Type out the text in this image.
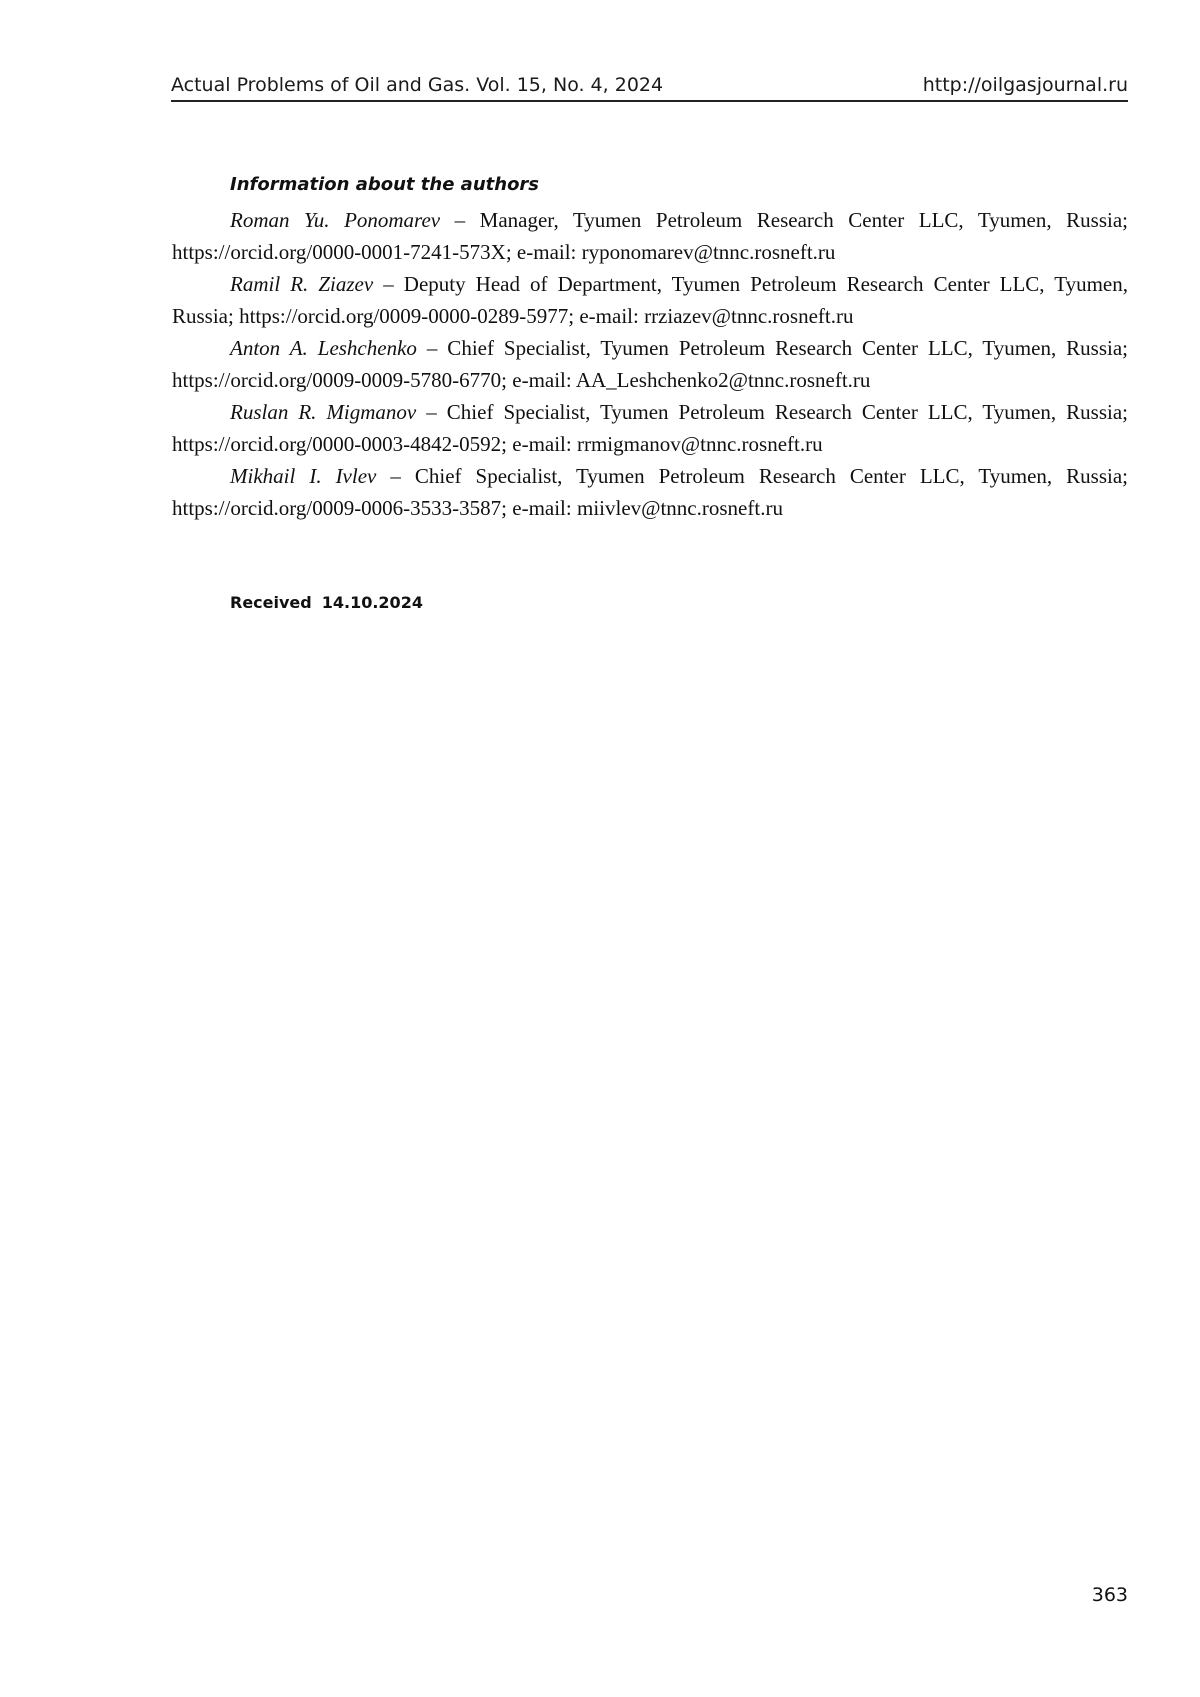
Actual Problems of Oil and Gas. Vol. 15, No. 4, 2024	http://oilgasjournal.ru
Information about the authors

Roman Yu. Ponomarev – Manager, Tyumen Petroleum Research Center LLC, Tyumen, Russia; https://orcid.org/0000-0001-7241-573X; e-mail: ryponomarev@tnnc.rosneft.ru

Ramil R. Ziazev – Deputy Head of Department, Tyumen Petroleum Research Center LLC, Tyumen, Russia; https://orcid.org/0009-0000-0289-5977; e-mail: rrziazev@tnnc.rosneft.ru

Anton A. Leshchenko – Chief Specialist, Tyumen Petroleum Research Center LLC, Tyumen, Russia; https://orcid.org/0009-0009-5780-6770; e-mail: AA_Leshchenko2@tnnc.rosneft.ru

Ruslan R. Migmanov – Chief Specialist, Tyumen Petroleum Research Center LLC, Tyumen, Russia; https://orcid.org/0000-0003-4842-0592; e-mail: rrmigmanov@tnnc.rosneft.ru

Mikhail I. Ivlev – Chief Specialist, Tyumen Petroleum Research Center LLC, Tyumen, Russia; https://orcid.org/0009-0006-3533-3587; e-mail: miivlev@tnnc.rosneft.ru

Received 14.10.2024
363
